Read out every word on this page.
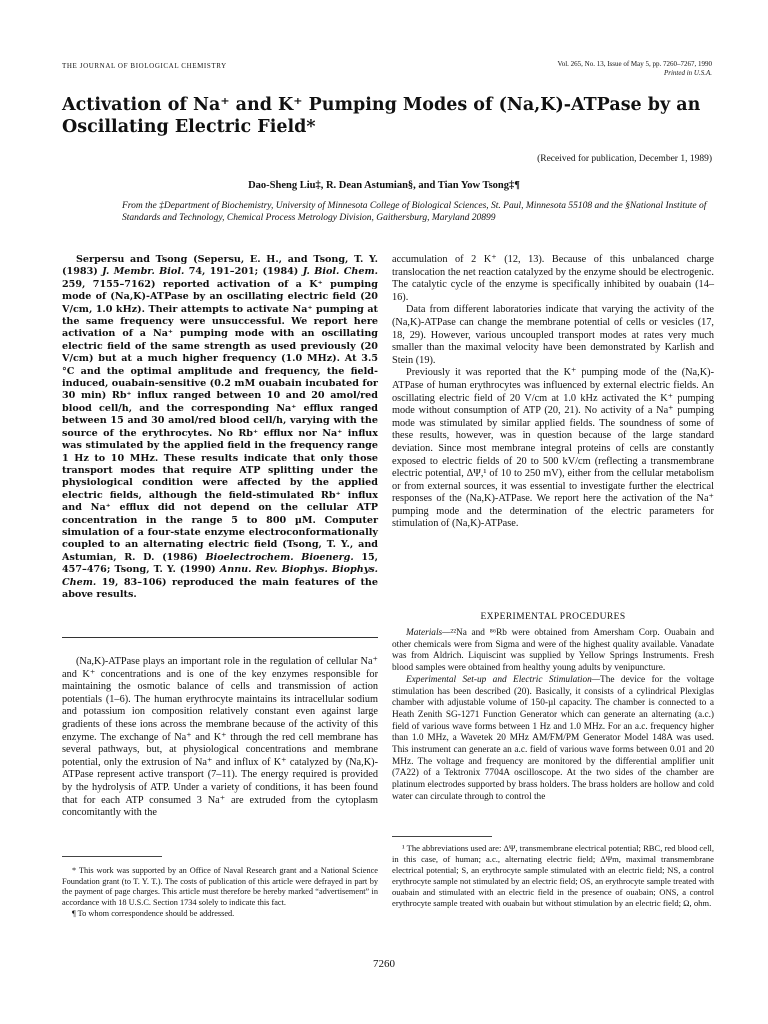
THE JOURNAL OF BIOLOGICAL CHEMISTRY	Vol. 265, No. 13, Issue of May 5, pp. 7260–7267, 1990
Printed in U.S.A.
Activation of Na⁺ and K⁺ Pumping Modes of (Na,K)-ATPase by an Oscillating Electric Field*
(Received for publication, December 1, 1989)
Dao-Sheng Liu‡, R. Dean Astumian§, and Tian Yow Tsong‡¶
From the ‡Department of Biochemistry, University of Minnesota College of Biological Sciences, St. Paul, Minnesota 55108 and the §National Institute of Standards and Technology, Chemical Process Metrology Division, Gaithersburg, Maryland 20899

Serpersu and Tsong (Sepersu, E. H., and Tsong, T. Y. (1983) J. Membr. Biol. 74, 191–201; (1984) J. Biol. Chem. 259, 7155–7162) reported activation of a K⁺ pumping mode of (Na,K)-ATPase by an oscillating electric field (20 V/cm, 1.0 kHz). Their attempts to activate Na⁺ pumping at the same frequency were unsuccessful. We report here activation of a Na⁺ pumping mode with an oscillating electric field of the same strength as used previously (20 V/cm) but at a much higher frequency (1.0 MHz). At 3.5 °C and the optimal amplitude and frequency, the field-induced, ouabain-sensitive (0.2 mM ouabain incubated for 30 min) Rb⁺ influx ranged between 10 and 20 amol/red blood cell/h, and the corresponding Na⁺ efflux ranged between 15 and 30 amol/red blood cell/h, varying with the source of the erythrocytes. No Rb⁺ efflux nor Na⁺ influx was stimulated by the applied field in the frequency range 1 Hz to 10 MHz. These results indicate that only those transport modes that require ATP splitting under the physiological condition were affected by the applied electric fields, although the field-stimulated Rb⁺ influx and Na⁺ efflux did not depend on the cellular ATP concentration in the range 5 to 800 µM. Computer simulation of a four-state enzyme electroconformationally coupled to an alternating electric field (Tsong, T. Y., and Astumian, R. D. (1986) Bioelectrochem. Bioenerg. 15, 457–476; Tsong, T. Y. (1990) Annu. Rev. Biophys. Biophys. Chem. 19, 83–106) reproduced the main features of the above results.

(Na,K)-ATPase plays an important role in the regulation of cellular Na⁺ and K⁺ concentrations and is one of the key enzymes responsible for maintaining the osmotic balance of cells and transmission of action potentials (1–6). The human erythrocyte maintains its intracellular sodium and potassium ion composition relatively constant even against large gradients of these ions across the membrane because of the activity of this enzyme. The exchange of Na⁺ and K⁺ through the red cell membrane has several pathways, but, at physiological concentrations and membrane potential, only the extrusion of Na⁺ and influx of K⁺ catalyzed by (Na,K)-ATPase represent active transport (7–11). The energy required is provided by the hydrolysis of ATP. Under a variety of conditions, it has been found that for each ATP consumed 3 Na⁺ are extruded from the cytoplasm concomitantly with the

* This work was supported by an Office of Naval Research grant and a National Science Foundation grant (to T. Y. T.). The costs of publication of this article were defrayed in part by the payment of page charges. This article must therefore be hereby marked “advertisement” in accordance with 18 U.S.C. Section 1734 solely to indicate this fact.

¶ To whom correspondence should be addressed.

accumulation of 2 K⁺ (12, 13). Because of this unbalanced charge translocation the net reaction catalyzed by the enzyme should be electrogenic. The catalytic cycle of the enzyme is specifically inhibited by ouabain (14–16).

Data from different laboratories indicate that varying the activity of the (Na,K)-ATPase can change the membrane potential of cells or vesicles (17, 18, 29). However, various uncoupled transport modes at rates very much smaller than the maximal velocity have been demonstrated by Karlish and Stein (19).

Previously it was reported that the K⁺ pumping mode of the (Na,K)-ATPase of human erythrocytes was influenced by external electric fields. An oscillating electric field of 20 V/cm at 1.0 kHz activated the K⁺ pumping mode without consumption of ATP (20, 21). No activity of a Na⁺ pumping mode was stimulated by similar applied fields. The soundness of some of these results, however, was in question because of the large standard deviation. Since most membrane integral proteins of cells are constantly exposed to electric fields of 20 to 500 kV/cm (reflecting a transmembrane electric potential, ΔΨ,¹ of 10 to 250 mV), either from the cellular metabolism or from external sources, it was essential to investigate further the electrical responses of the (Na,K)-ATPase. We report here the activation of the Na⁺ pumping mode and the determination of the electric parameters for stimulation of (Na,K)-ATPase.

EXPERIMENTAL PROCEDURES

Materials—²²Na and ⁸⁶Rb were obtained from Amersham Corp. Ouabain and other chemicals were from Sigma and were of the highest quality available. Vanadate was from Aldrich. Liquiscint was supplied by Yellow Springs Instruments. Fresh blood samples were obtained from healthy young adults by venipuncture.

Experimental Set-up and Electric Stimulation—The device for the voltage stimulation has been described (20). Basically, it consists of a cylindrical Plexiglas chamber with adjustable volume of 150-µl capacity. The chamber is connected to a Heath Zenith SG-1271 Function Generator which can generate an alternating (a.c.) field of various wave forms between 1 Hz and 1.0 MHz. For an a.c. frequency higher than 1.0 MHz, a Wavetek 20 MHz AM/FM/PM Generator Model 148A was used. This instrument can generate an a.c. field of various wave forms between 0.01 and 20 MHz. The voltage and frequency are monitored by the differential amplifier unit (7A22) of a Tektronix 7704A oscilloscope. At the two sides of the chamber are platinum electrodes supported by brass holders. The brass holders are hollow and cold water can circulate through to control the

¹ The abbreviations used are: ΔΨ, transmembrane electrical potential; RBC, red blood cell, in this case, of human; a.c., alternating electric field; ΔΨm, maximal transmembrane electrical potential; S, an erythrocyte sample stimulated with an electric field; NS, a control erythrocyte sample not stimulated by an electric field; OS, an erythrocyte sample treated with ouabain and stimulated with an electric field in the presence of ouabain; ONS, a control erythrocyte sample treated with ouabain but without stimulation by an electric field; Ω, ohm.

7260
